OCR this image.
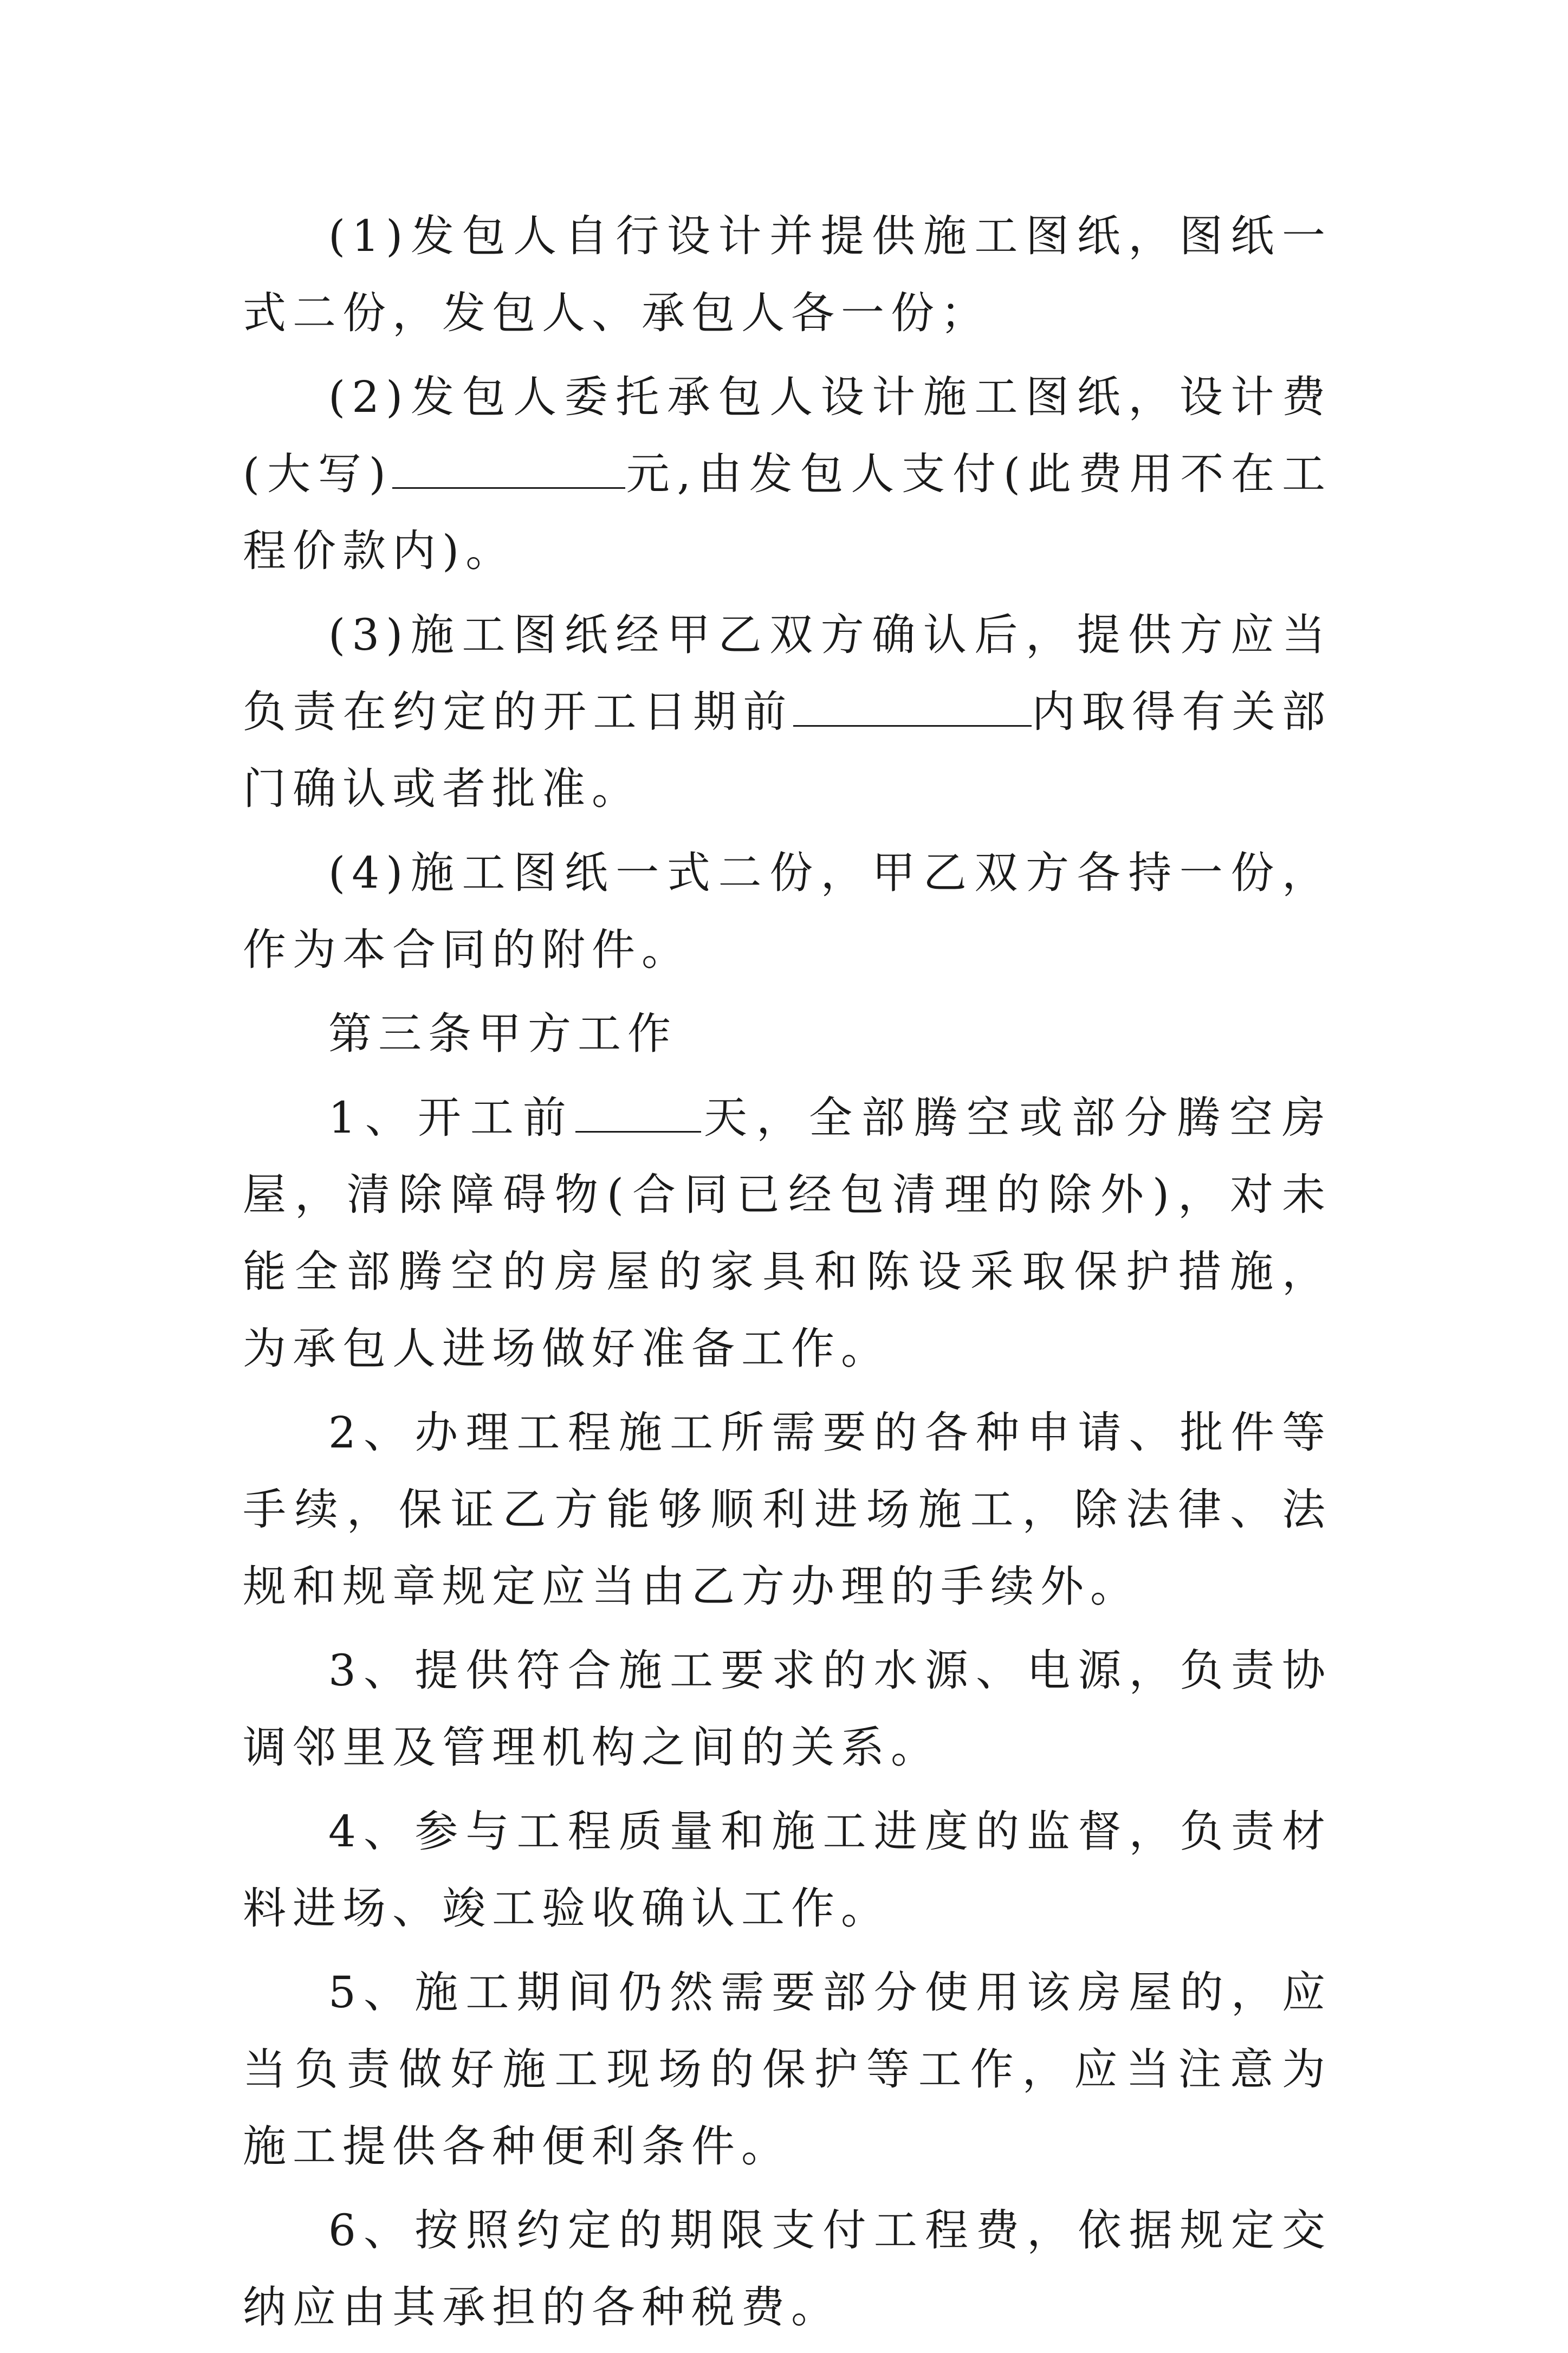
(1)发包人自行设计并提供施工图纸，图纸一式二份，发包人、承包人各一份；

(2)发包人委托承包人设计施工图纸，设计费(大写)	元,由发包人支付(此费用不在工程价款内)。

(3)施工图纸经甲乙双方确认后，提供方应当负责在约定的开工日期前	内取得有关部门确认或者批准。

(4)施工图纸一式二份，甲乙双方各持一份，作为本合同的附件。

第三条甲方工作

1、开工前	天，全部腾空或部分腾空房屋，清除障碍物(合同已经包清理的除外)，对未能全部腾空的房屋的家具和陈设采取保护措施，为承包人进场做好准备工作。

2、办理工程施工所需要的各种申请、批件等手续，保证乙方能够顺利进场施工，除法律、法规和规章规定应当由乙方办理的手续外。

3、提供符合施工要求的水源、电源，负责协调邻里及管理机构之间的关系。

4、参与工程质量和施工进度的监督，负责材料进场、竣工验收确认工作。

5、施工期间仍然需要部分使用该房屋的，应当负责做好施工现场的保护等工作，应当注意为施工提供各种便利条件。

6、按照约定的期限支付工程费，依据规定交纳应由其承担的各种税费。
